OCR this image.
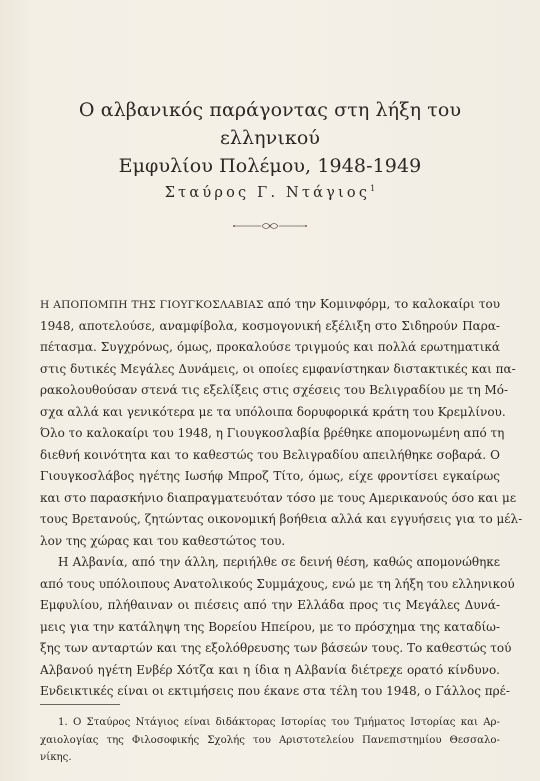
Ο αλβανικός παράγοντας στη λήξη του ελληνικού
Εμφυλίου Πολέμου, 1948-1949
Σταύρος Γ. Ντάγιος$^1$
Η ΑΠΟΠΟΜΠΗ ΤΗΣ ΓΙΟΥΓΚΟΣΛΑΒΙΑΣ από την Κομινφόρμ, το καλοκαίρι του
1948, αποτελούσε, αναμφίβολα, κοσμογονική εξέλιξη στο Σιδηρούν Παρα-
πέτασμα. Συγχρόνως, όμως, προκαλούσε τριγμούς και πολλά ερωτηματικά
στις δυτικές Μεγάλες Δυνάμεις, οι οποίες εμφανίστηκαν διστακτικές και πα-
ρακολουθούσαν στενά τις εξελίξεις στις σχέσεις του Βελιγραδίου με τη Μό-
σχα αλλά και γενικότερα με τα υπόλοιπα δορυφορικά κράτη του Κρεμλίνου.
Όλο το καλοκαίρι του 1948, η Γιουγκοσλαβία βρέθηκε απομονωμένη από τη
διεθνή κοινότητα και το καθεστώς του Βελιγραδίου απειλήθηκε σοβαρά. Ο
Γιουγκοσλάβος ηγέτης Ιωσήφ Μπροζ Τίτο, όμως, είχε φροντίσει εγκαίρως
και στο παρασκήνιο διαπραγματευόταν τόσο με τους Αμερικανούς όσο και με
τους Βρετανούς, ζητώντας οικονομική βοήθεια αλλά και εγγυήσεις για το μέλ-
λον της χώρας και του καθεστώτος του.
Η Αλβανία, από την άλλη, περιήλθε σε δεινή θέση, καθώς απομονώθηκε
από τους υπόλοιπους Ανατολικούς Συμμάχους, ενώ με τη λήξη του ελληνικού
Εμφυλίου, πλήθαιναν οι πιέσεις από την Ελλάδα προς τις Μεγάλες Δυνά-
μεις για την κατάληψη της Βορείου Ηπείρου, με το πρόσχημα της καταδίω-
ξης των ανταρτών και της εξολόθρευσης των βάσεών τους. Το καθεστώς τού
Αλβανού ηγέτη Ενβέρ Χότζα και η ίδια η Αλβανία διέτρεχε ορατό κίνδυνο.
Ενδεικτικές είναι οι εκτιμήσεις που έκανε στα τέλη του 1948, ο Γάλλος πρέ-
1. Ο Σταύρος Ντάγιος είναι διδάκτορας Ιστορίας του Τμήματος Ιστορίας και Αρ-
χαιολογίας της Φιλοσοφικής Σχολής του Αριστοτελείου Πανεπιστημίου Θεσσαλο-
νίκης.
